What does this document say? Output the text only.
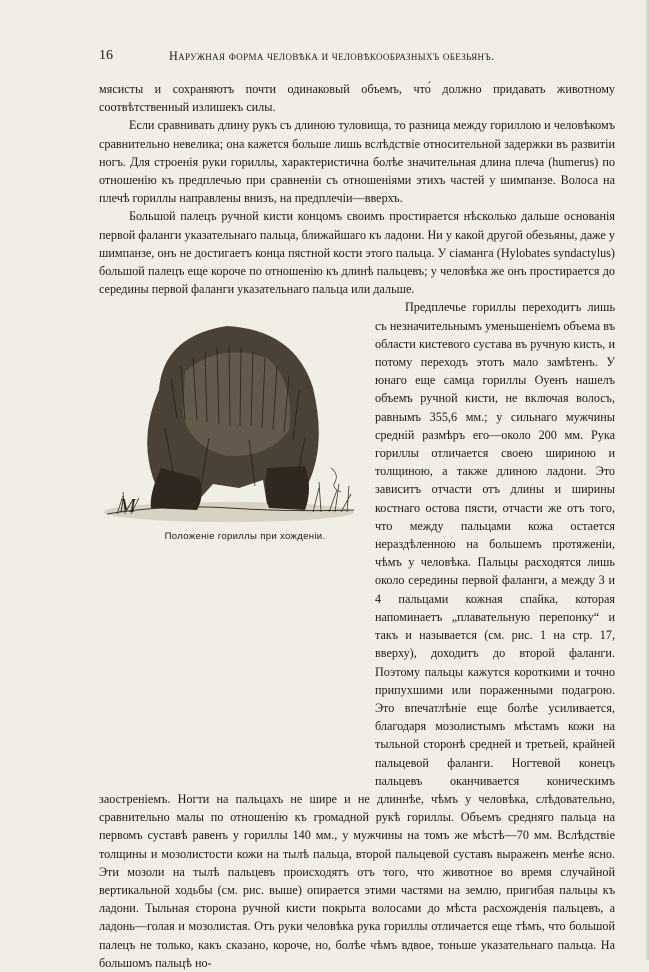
16	Наружная форма человѣка и человѣкообразныхъ обезьянъ.

мясисты и сохраняютъ почти одинаковый объемъ, что́ должно придавать животному соотвѣтственный излишекъ силы.

Если сравнивать длину рукъ съ длиною туловища, то разница между гориллою и человѣкомъ сравнительно невелика; она кажется больше лишь вслѣдствіе относительной задержки въ развитіи ногъ. Для строенія руки гориллы, характеристична болѣе значительная длина плеча (humerus) по отношенію къ предплечью при сравненіи съ отношеніями этихъ частей у шимпанзе. Волоса на плечѣ гориллы направлены внизъ, на предплечіи—вверхъ.

Большой палецъ ручной кисти концомъ своимъ простирается нѣсколько дальше основанія первой фаланги указательнаго пальца, ближайшаго къ ладони. Ни у какой другой обезьяны, даже у шимпанзе, онъ не достигаетъ конца пястной кости этого пальца. У сіаманга (Hylobates syndactylus) большой палецъ еще короче по отношенію къ длинѣ пальцевъ; у человѣка же онъ простирается до середины первой фаланги указательнаго пальца или дальше.

M
Положеніе гориллы при хожденіи.
Предплечье гориллы переходитъ лишь съ незначительнымъ уменьшеніемъ объема въ области кистевого сустава въ ручную кисть, и потому переходъ этотъ мало замѣтенъ. У юнаго еще самца гориллы Оуенъ нашелъ объемъ ручной кисти, не включая волосъ, равнымъ 355,6 мм.; у сильнаго мужчины средній размѣръ его—около 200 мм. Рука гориллы отличается своею шириною и толщиною, а также длиною ладони. Это зависитъ отчасти отъ длины и ширины костнаго остова пясти, отчасти же отъ того, что между пальцами кожа остается нераздѣленною на большемъ протяженіи, чѣмъ у человѣка. Пальцы расходятся лишь около середины первой фаланги, а между 3 и 4 пальцами кожная спайка, которая напоминаетъ „плавательную перепонку“ и такъ и называется (см. рис. 1 на стр. 17, вверху), доходитъ до второй фаланги. Поэтому пальцы кажутся короткими и точно припухшими или пораженными подагрою. Это впечатлѣніе еще болѣе усиливается, благодаря мозолистымъ мѣстамъ кожи на тыльной сторонѣ средней и третьей, крайней пальцевой фаланги. Ногтевой конецъ пальцевъ оканчивается коническимъ заостреніемъ. Ногти на пальцахъ не шире и не длиннѣе, чѣмъ у человѣка, слѣдовательно, сравнительно малы по отношенію къ громадной рукѣ гориллы. Объемъ средняго пальца на первомъ суставѣ равенъ у гориллы 140 мм., у мужчины на томъ же мѣстѣ—70 мм. Вслѣдствіе толщины и мозолистости кожи на тылѣ пальца, второй пальцевой суставъ выраженъ менѣе ясно. Эти мозоли на тылѣ пальцевъ происходятъ отъ того, что животное во время случайной вертикальной ходьбы (см. рис. выше) опирается этими частями на землю, пригибая пальцы къ ладони. Тыльная сторона ручной кисти покрыта волосами до мѣста расхожденія пальцевъ, а ладонь—голая и мозолистая. Отъ руки человѣка рука гориллы отличается еще тѣмъ, что большой палецъ не только, какъ сказано, короче, но, болѣе чѣмъ вдвое, тоньше указательнаго пальца. На большомъ пальцѣ но-
